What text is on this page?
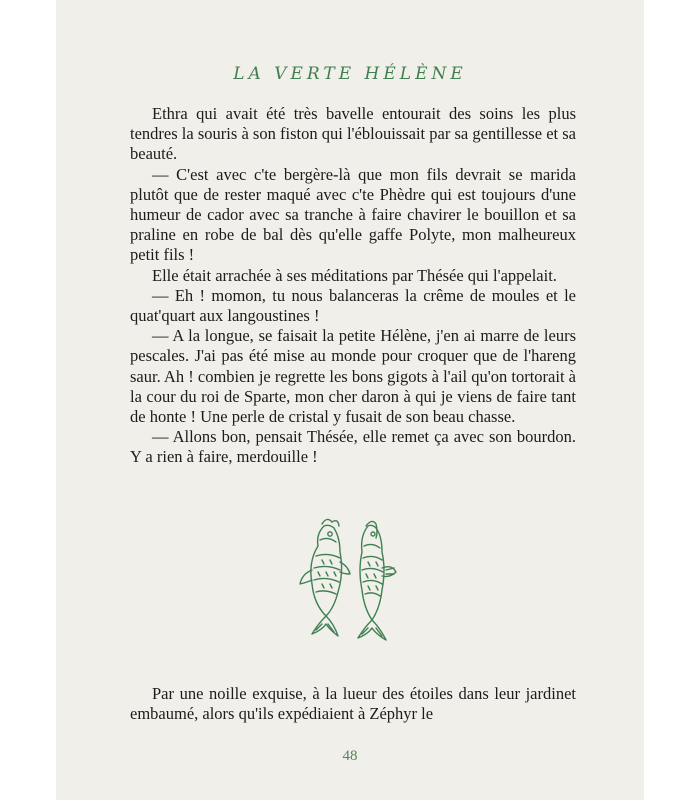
LA VERTE HÉLÈNE

Ethra qui avait été très bavelle entourait des soins les plus tendres la souris à son fiston qui l'éblouissait par sa gentillesse et sa beauté.

— C'est avec c'te bergère-là que mon fils devrait se marida plutôt que de rester maqué avec c'te Phèdre qui est toujours d'une humeur de cador avec sa tranche à faire chavirer le bouillon et sa praline en robe de bal dès qu'elle gaffe Polyte, mon malheureux petit fils !

Elle était arrachée à ses méditations par Thésée qui l'appelait.

— Eh ! momon, tu nous balanceras la crême de moules et le quat'quart aux langoustines !

— A la longue, se faisait la petite Hélène, j'en ai marre de leurs pescales. J'ai pas été mise au monde pour croquer que de l'hareng saur. Ah ! combien je regrette les bons gigots à l'ail qu'on tortorait à la cour du roi de Sparte, mon cher daron à qui je viens de faire tant de honte ! Une perle de cristal y fusait de son beau chasse.

— Allons bon, pensait Thésée, elle remet ça avec son bourdon. Y a rien à faire, merdouille !

Par une noille exquise, à la lueur des étoiles dans leur jardinet embaumé, alors qu'ils expédiaient à Zéphyr le

48
